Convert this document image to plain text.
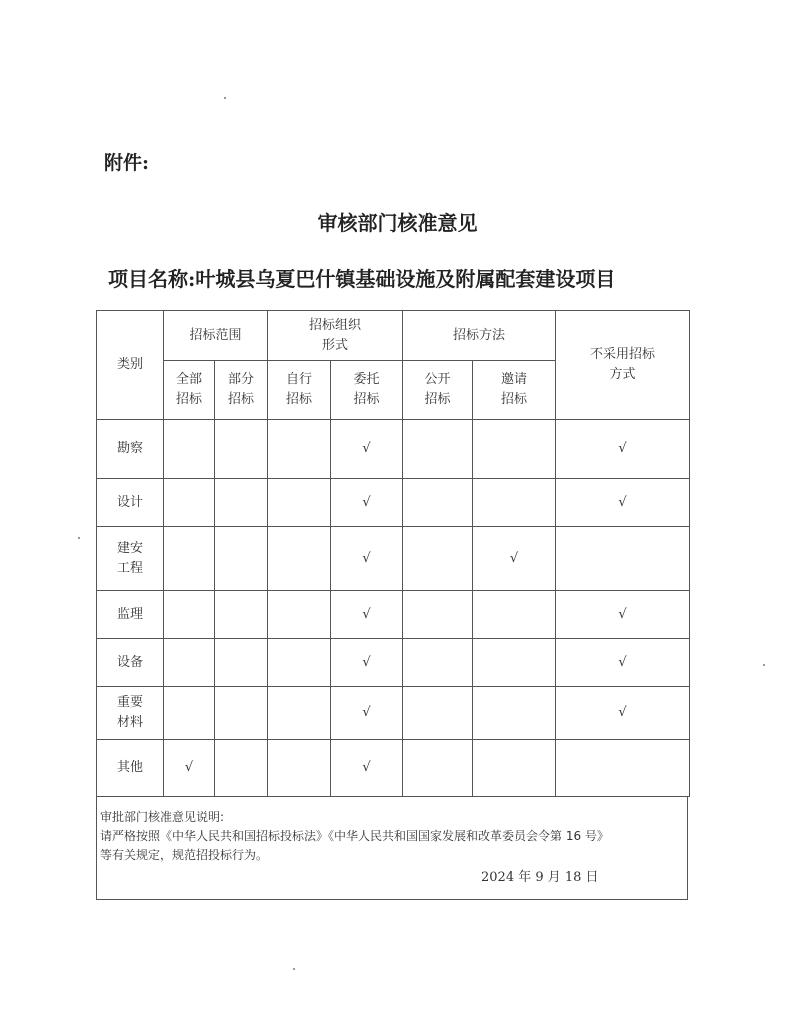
附件:
审核部门核准意见
项目名称:叶城县乌夏巴什镇基础设施及附属配套建设项目
类别	招标范围		招标组织形式		招标方法		不采用招标方式

	全部招标	部分招标	自行招标	委托招标	公开招标	邀请招标	

勘察				√			√
设计				√			√

建安工程				√		√	
监理				√			√
设备				√			√

重要材料				√			√
其他	√			√			
审批部门核准意见说明:
请严格按照《中华人民共和国招标投标法》《中华人民共和国国家发展和改革委员会令第 16 号》
等有关规定，规范招投标行为。
2024 年 9 月 18 日
